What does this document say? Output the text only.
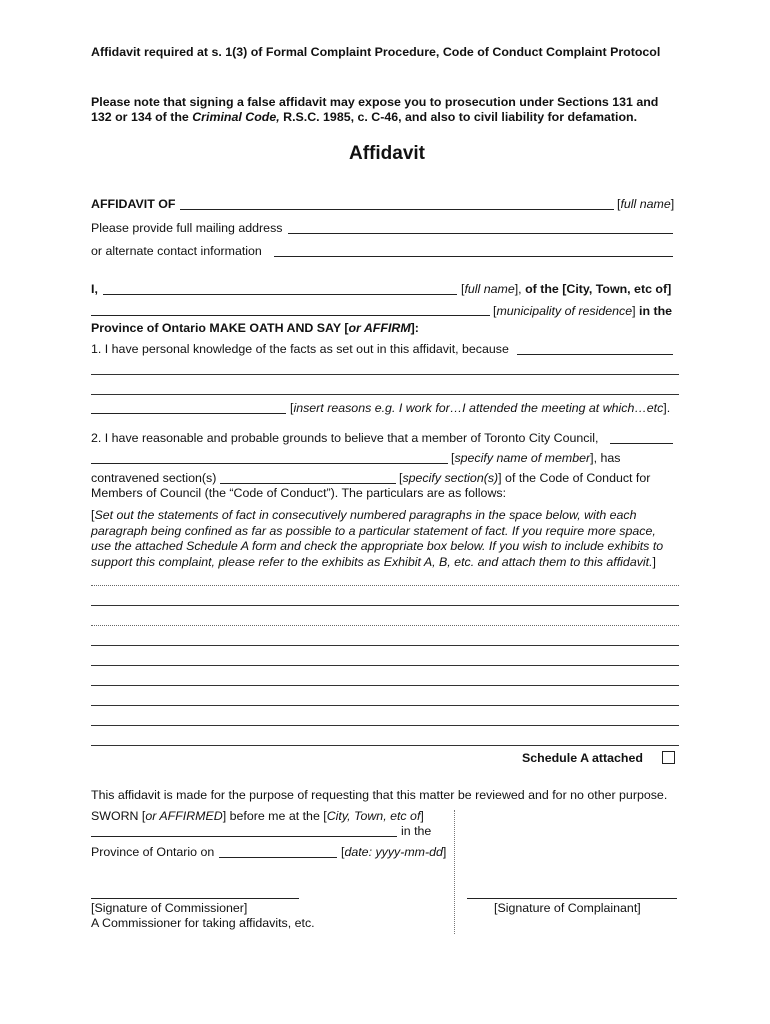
Affidavit required at s. 1(3) of Formal Complaint Procedure, Code of Conduct Complaint Protocol
Please note that signing a false affidavit may expose you to prosecution under Sections 131 and
132 or 134 of the Criminal Code, R.S.C. 1985, c. C-46, and also to civil liability for defamation.
Affidavit
AFFIDAVIT OF	[full name]
Please provide full mailing address
or alternate contact information
I,	[full name], of the [City, Town, etc of]
[municipality of residence] in the
Province of Ontario MAKE OATH AND SAY [or AFFIRM]:
1. I have personal knowledge of the facts as set out in this affidavit, because
[insert reasons e.g. I work for…I attended the meeting at which…etc].
2. I have reasonable and probable grounds to believe that a member of Toronto City Council,
[specify name of member], has
contravened section(s)	[specify section(s)] of the Code of Conduct for
Members of Council (the “Code of Conduct”). The particulars are as follows:
[Set out the statements of fact in consecutively numbered paragraphs in the space below, with each paragraph being confined as far as possible to a particular statement of fact. If you require more space, use the attached Schedule A form and check the appropriate box below. If you wish to include exhibits to support this complaint, please refer to the exhibits as Exhibit A, B, etc. and attach them to this affidavit.]
Schedule A attached
This affidavit is made for the purpose of requesting that this matter be reviewed and for no other purpose.
SWORN [or AFFIRMED] before me at the [City, Town, etc of]
in the
Province of Ontario on	[date: yyyy-mm-dd]
[Signature of Commissioner]
A Commissioner for taking affidavits, etc.
[Signature of Complainant]
